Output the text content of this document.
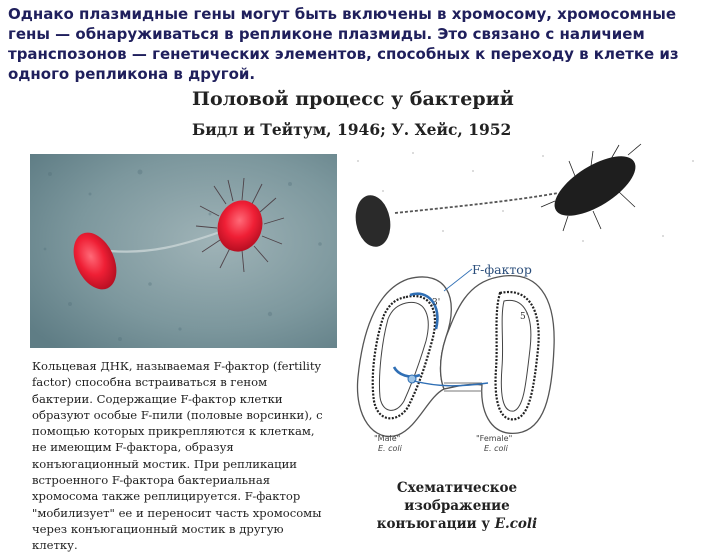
Однако плазмидные гены могут быть включены в хромосому, хромосомные гены — обнаруживаться в репликоне плазмиды. Это связано с наличием транспозонов — генетических элементов, способных к переходу в клетке из одного репликона в другой.
Половой процесс у бактерий
Бидл и Тейтум, 1946; У. Хейс, 1952
3'
5'
"Male"
E. coli
"Female"
E. coli
F-фактор
Кольцевая ДНК, называемая F-фактор (fertility factor) способна встраиваться в геном бактерии. Содержащие F-фактор клетки образуют особые F-пили (половые ворсинки), с помощью которых прикрепляются к клеткам, не имеющим F-фактора, образуя конъюгационный мостик. При репликации встроенного F-фактора бактериальная хромосома также реплицируется. F-фактор "мобилизует" ее и переносит часть хромосомы через конъюгационный мостик в другую клетку.
Схематическое изображение
конъюгации у E.coli
